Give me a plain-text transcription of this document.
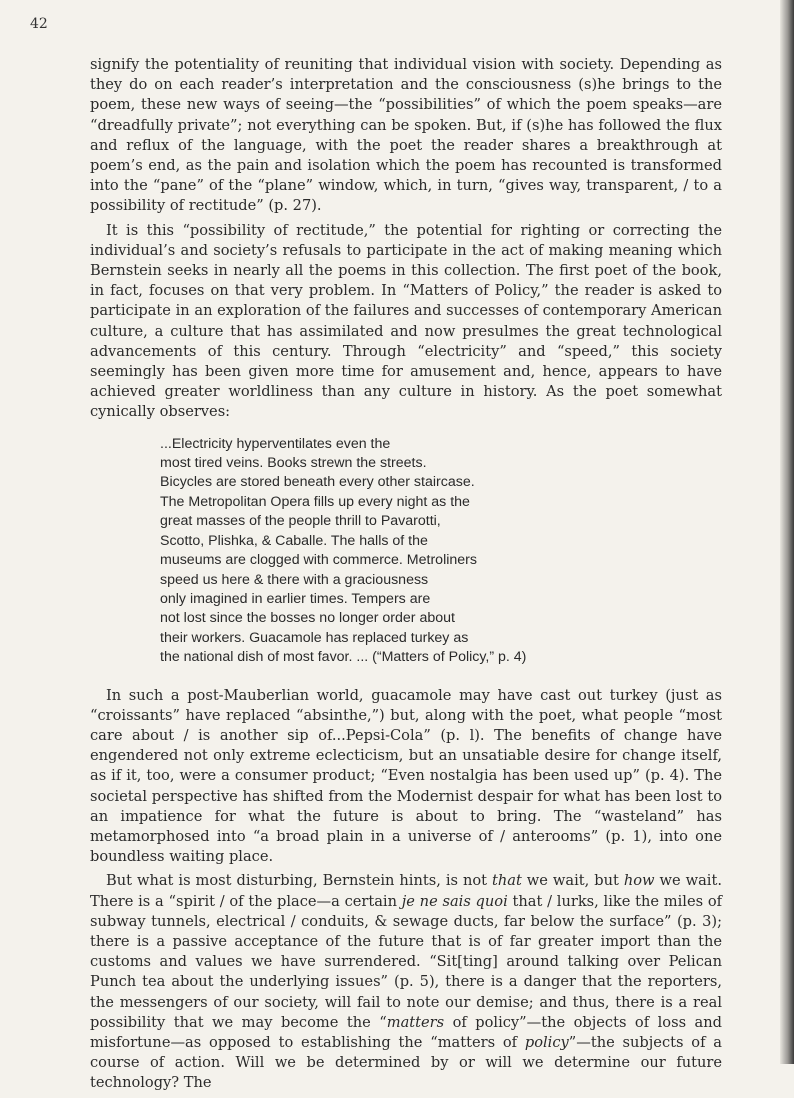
42

signify the potentiality of reuniting that individual vision with society. Depending as they do on each reader’s interpretation and the consciousness (s)he brings to the poem, these new ways of seeing—the “possibilities” of which the poem speaks—are “dreadfully private”; not everything can be spoken. But, if (s)he has followed the flux and reflux of the language, with the poet the reader shares a breakthrough at poem’s end, as the pain and isolation which the poem has recounted is transformed into the “pane” of the “plane” window, which, in turn, “gives way, transparent, / to a possibility of rectitude” (p. 27).

It is this “possibility of rectitude,” the potential for righting or correcting the individual’s and society’s refusals to participate in the act of making meaning which Bernstein seeks in nearly all the poems in this collection. The first poet of the book, in fact, focuses on that very problem. In “Matters of Policy,” the reader is asked to participate in an exploration of the failures and successes of contemporary American culture, a culture that has assimilated and now presulmes the great technological advancements of this century. Through “electricity” and “speed,” this society seemingly has been given more time for amusement and, hence, appears to have achieved greater worldliness than any culture in history. As the poet somewhat cynically observes:

...Electricity hyperventilates even the
most tired veins. Books strewn the streets.
Bicycles are stored beneath every other staircase.
The Metropolitan Opera fills up every night as the
great masses of the people thrill to Pavarotti,
Scotto, Plishka, & Caballe. The halls of the
museums are clogged with commerce. Metroliners
speed us here & there with a graciousness
only imagined in earlier times. Tempers are
not lost since the bosses no longer order about
their workers. Guacamole has replaced turkey as
the national dish of most favor. ... (“Matters of Policy,” p. 4)

In such a post-Mauberlian world, guacamole may have cast out turkey (just as “croissants” have replaced “absinthe,”) but, along with the poet, what people “most care about / is another sip of...Pepsi-Cola” (p. l). The benefits of change have engendered not only extreme eclecticism, but an unsatiable desire for change itself, as if it, too, were a consumer product; “Even nostalgia has been used up” (p. 4). The societal perspective has shifted from the Modernist despair for what has been lost to an impatience for what the future is about to bring. The “wasteland” has metamorphosed into “a broad plain in a universe of / anterooms” (p. 1), into one boundless waiting place.

But what is most disturbing, Bernstein hints, is not that we wait, but how we wait. There is a “spirit / of the place—a certain je ne sais quoi that / lurks, like the miles of subway tunnels, electrical / conduits, & sewage ducts, far below the surface” (p. 3); there is a passive acceptance of the future that is of far greater import than the customs and values we have surrendered. “Sit[ting] around talking over Pelican Punch tea about the underlying issues” (p. 5), there is a danger that the reporters, the messengers of our society, will fail to note our demise; and thus, there is a real possibility that we may become the “matters of policy”—the objects of loss and misfortune—as opposed to establishing the “matters of policy”—the subjects of a course of action. Will we be determined by or will we determine our future technology? The
